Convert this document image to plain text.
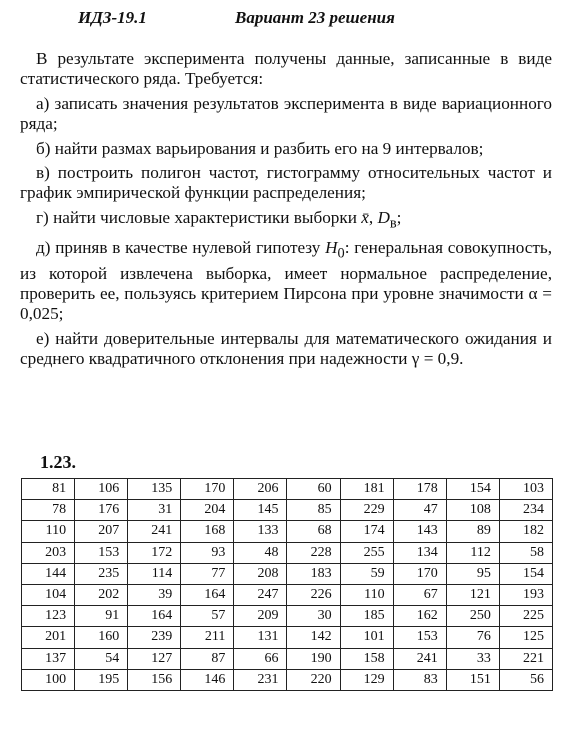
ИДЗ-19.1	Вариант 23 решения

В результате эксперимента получены данные, записанные в виде статистического ряда. Требуется:

а) записать значения результатов эксперимента в виде вариационного ряда;

б) найти размах варьирования и разбить его на 9 интервалов;

в) построить полигон частот, гистограмму относительных частот и график эмпирической функции распределения;

г) найти числовые характеристики выборки x̄, $D_в$;

д) приняв в качестве нулевой гипотезу $H_0$: генеральная совокупность, из которой извлечена выборка, имеет нормальное распределение, проверить ее, пользуясь критерием Пирсона при уровне значимости α = 0,025;

е) найти доверительные интервалы для математического ожидания и среднего квадратичного отклонения при надежности γ = 0,9.

1.23.
81	106	135	170	206	60	181	178	154	103
78	176	31	204	145	85	229	47	108	234
110	207	241	168	133	68	174	143	89	182
203	153	172	93	48	228	255	134	112	58
144	235	114	77	208	183	59	170	95	154
104	202	39	164	247	226	110	67	121	193
123	91	164	57	209	30	185	162	250	225
201	160	239	211	131	142	101	153	76	125
137	54	127	87	66	190	158	241	33	221
100	195	156	146	231	220	129	83	151	56
